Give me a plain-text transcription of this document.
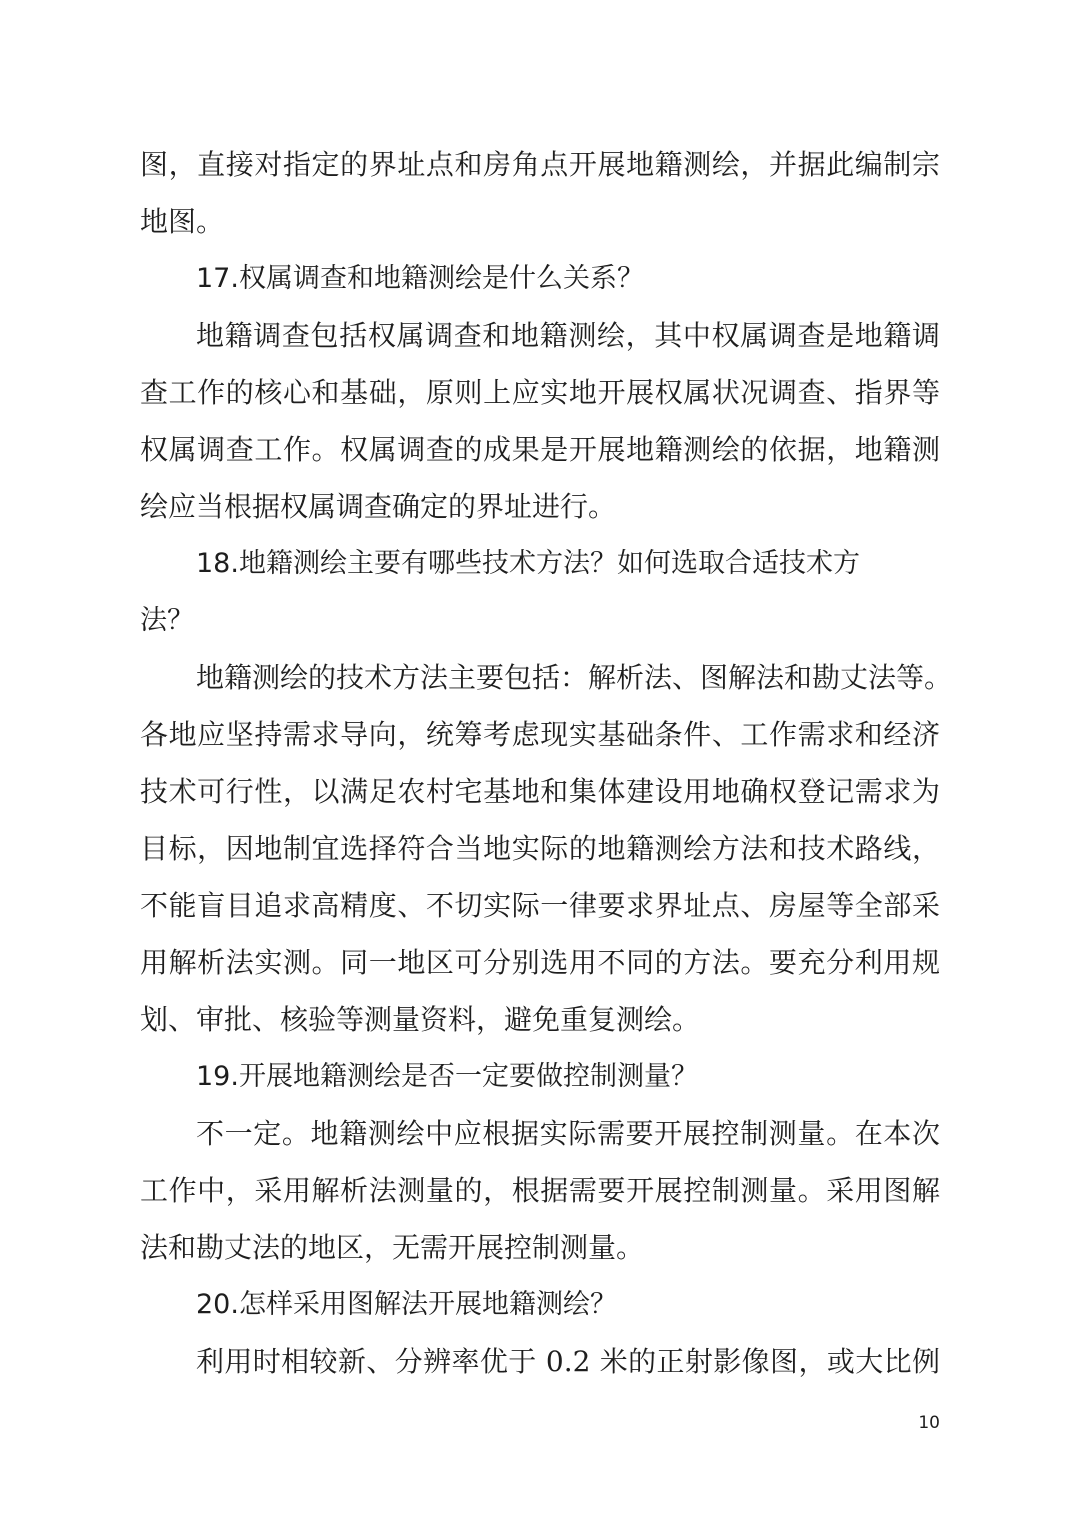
图，直接对指定的界址点和房角点开展地籍测绘，并据此编制宗
地图。
17.权属调查和地籍测绘是什么关系？
地籍调查包括权属调查和地籍测绘，其中权属调查是地籍调
查工作的核心和基础，原则上应实地开展权属状况调查、指界等
权属调查工作。权属调查的成果是开展地籍测绘的依据，地籍测
绘应当根据权属调查确定的界址进行。
18.地籍测绘主要有哪些技术方法？如何选取合适技术方
法？
地籍测绘的技术方法主要包括：解析法、图解法和勘丈法等。
各地应坚持需求导向，统筹考虑现实基础条件、工作需求和经济
技术可行性，以满足农村宅基地和集体建设用地确权登记需求为
目标，因地制宜选择符合当地实际的地籍测绘方法和技术路线，
不能盲目追求高精度、不切实际一律要求界址点、房屋等全部采
用解析法实测。同一地区可分别选用不同的方法。要充分利用规
划、审批、核验等测量资料，避免重复测绘。
19.开展地籍测绘是否一定要做控制测量？
不一定。地籍测绘中应根据实际需要开展控制测量。在本次
工作中，采用解析法测量的，根据需要开展控制测量。采用图解
法和勘丈法的地区，无需开展控制测量。
20.怎样采用图解法开展地籍测绘？
利用时相较新、分辨率优于 0.2 米的正射影像图，或大比例
10
